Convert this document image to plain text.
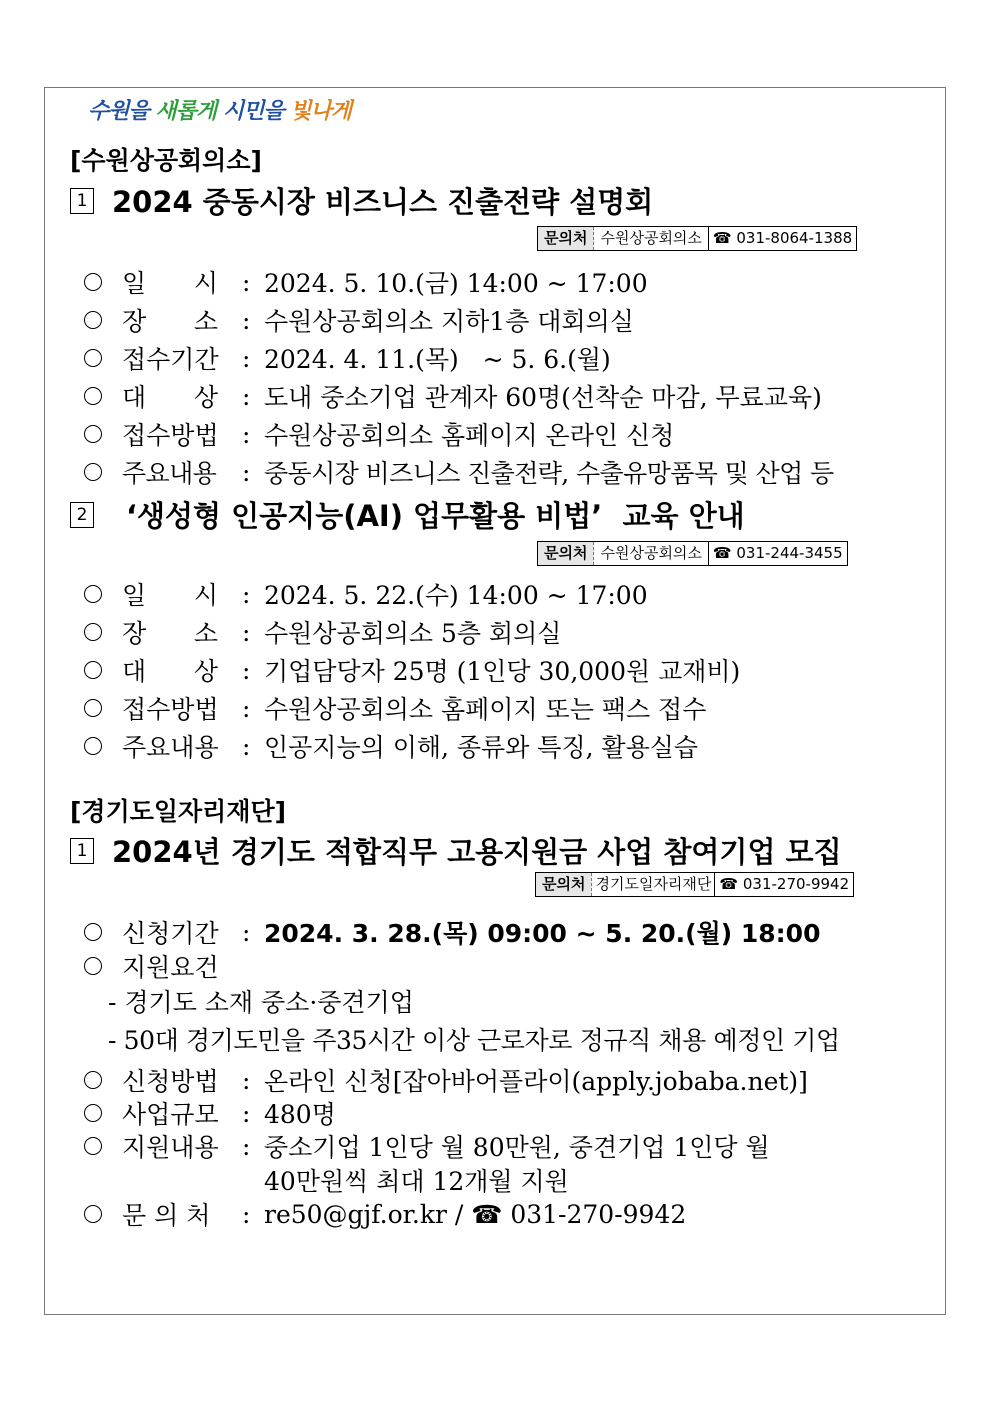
수원을 새롭게 시민을 빛나게
[수원상공회의소]
1 2024 중동시장 비즈니스 진출전략 설명회
문의처 수원상공회의소 ☎ 031-8064-1388
일      시 : 2024. 5. 10.(금) 14:00 ~ 17:00
장      소 : 수원상공회의소 지하1층 대회의실
접수기간 : 2024. 4. 11.(목)   ~ 5. 6.(월)
대      상 : 도내 중소기업 관계자 60명(선착순 마감, 무료교육)
접수방법 : 수원상공회의소 홈페이지 온라인 신청
주요내용	: 중동시장 비즈니스 진출전략, 수출유망품목 및 산업 등
2 ‘생성형 인공지능(AI) 업무활용 비법’  교육 안내
문의처 수원상공회의소 ☎ 031-244-3455
일      시 : 2024. 5. 22.(수) 14:00 ~ 17:00
장      소 : 수원상공회의소 5층 회의실
대      상 : 기업담당자 25명 (1인당 30,000원 교재비)
접수방법 : 수원상공회의소 홈페이지 또는 팩스 접수
주요내용 : 인공지능의 이해, 종류와 특징, 활용실습
[경기도일자리재단]
1 2024년 경기도 적합직무 고용지원금 사업 참여기업 모집
문의처 경기도일자리재단 ☎ 031-270-9942
신청기간 : 2024. 3. 28.(목) 09:00 ~ 5. 20.(월) 18:00
지원요건
- 경기도 소재 중소·중견기업
- 50대 경기도민을 주35시간 이상 근로자로 정규직 채용 예정인 기업
신청방법 : 온라인 신청[잡아바어플라이(apply.jobaba.net)]
사업규모 : 480명
지원내용 : 중소기업 1인당 월 80만원, 중견기업 1인당 월
40만원씩 최대 12개월 지원
문 의 처	: re50@gjf.or.kr / ☎ 031-270-9942
